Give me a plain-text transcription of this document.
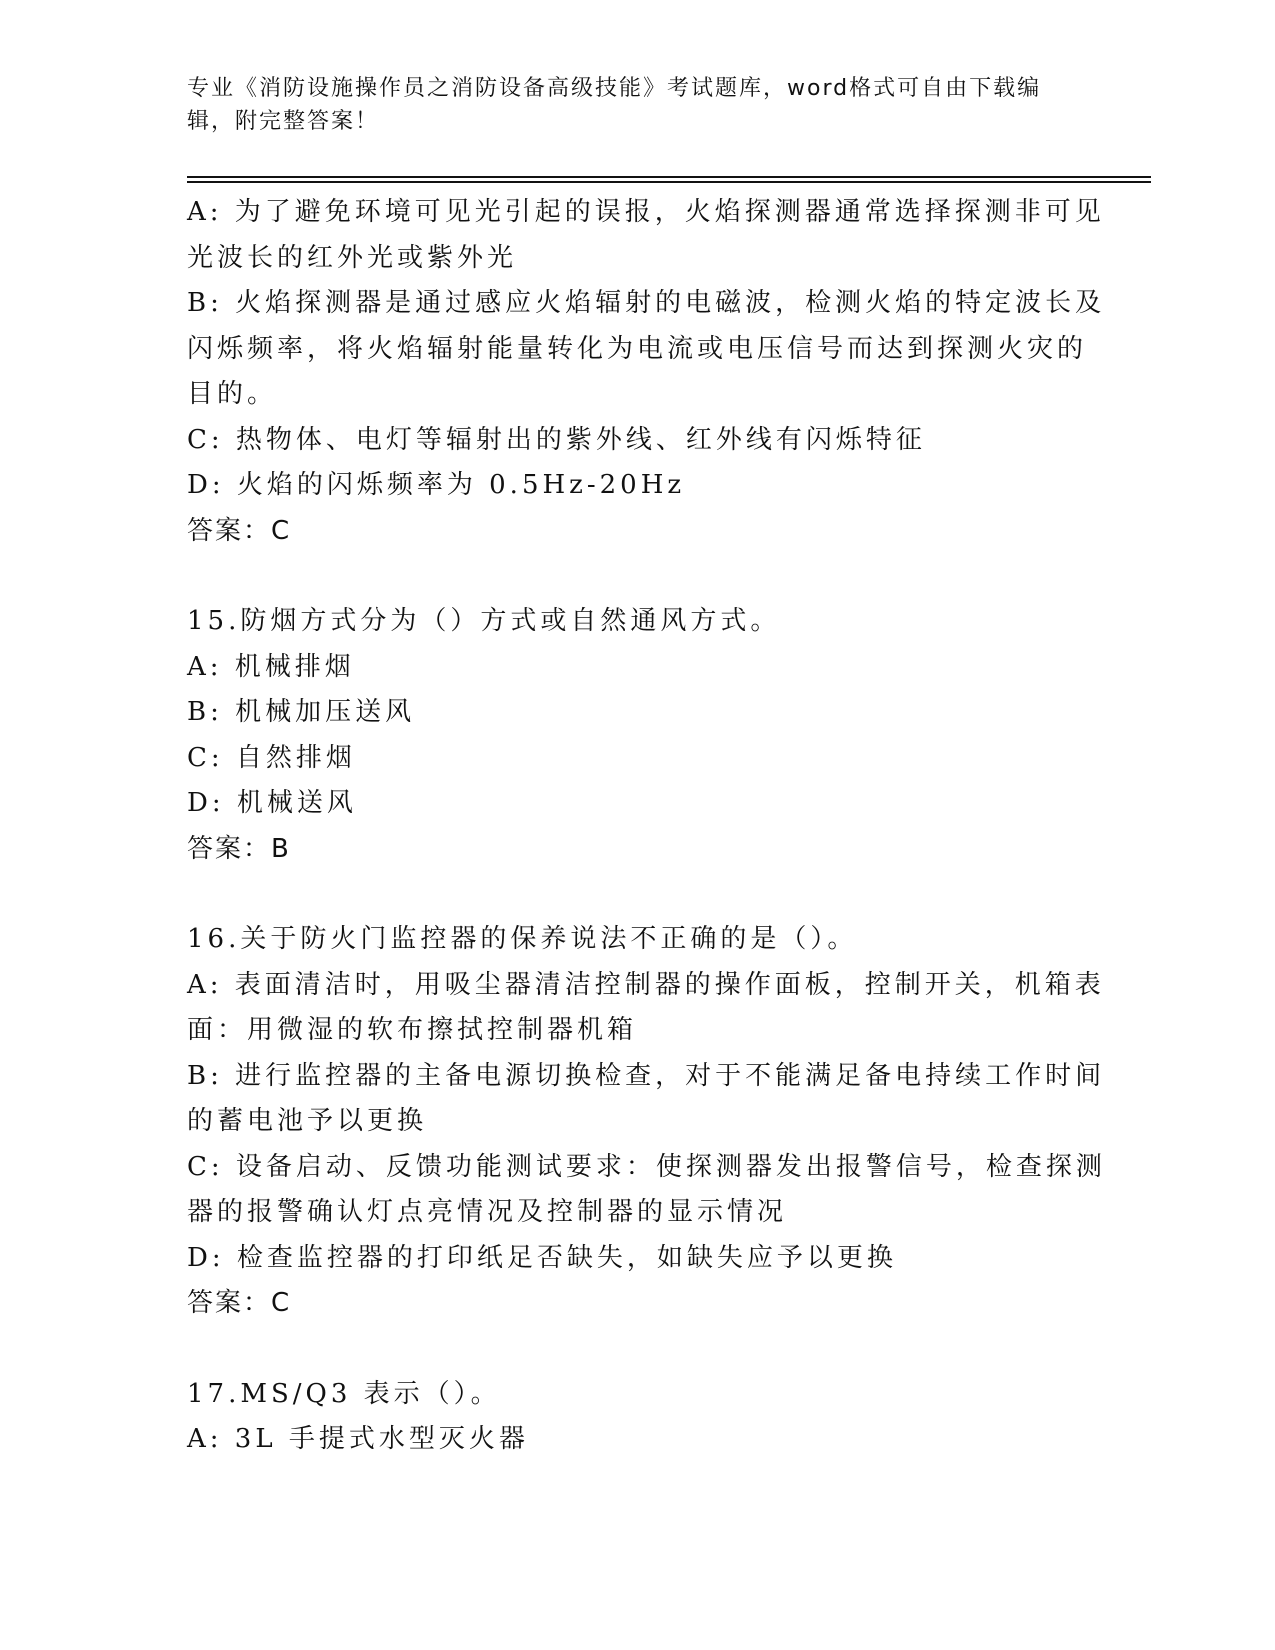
专业《消防设施操作员之消防设备高级技能》考试题库，word格式可自由下载编辑，附完整答案！
A: 为了避免环境可见光引起的误报，火焰探测器通常选择探测非可见
光波长的红外光或紫外光
B: 火焰探测器是通过感应火焰辐射的电磁波，检测火焰的特定波长及
闪烁频率，将火焰辐射能量转化为电流或电压信号而达到探测火灾的
目的。
C: 热物体、电灯等辐射出的紫外线、红外线有闪烁特征
D: 火焰的闪烁频率为 0.5Hz-20Hz
答案：C
15.防烟方式分为（）方式或自然通风方式。
A: 机械排烟
B: 机械加压送风
C: 自然排烟
D: 机械送风
答案：B
16.关于防火门监控器的保养说法不正确的是（）。
A: 表面清洁时，用吸尘器清洁控制器的操作面板，控制开关，机箱表
面：用微湿的软布擦拭控制器机箱
B: 进行监控器的主备电源切换检查，对于不能满足备电持续工作时间
的蓄电池予以更换
C: 设备启动、反馈功能测试要求：使探测器发出报警信号，检查探测
器的报警确认灯点亮情况及控制器的显示情况
D: 检查监控器的打印纸足否缺失，如缺失应予以更换
答案：C
17.MS/Q3 表示（）。
A: 3L 手提式水型灭火器
